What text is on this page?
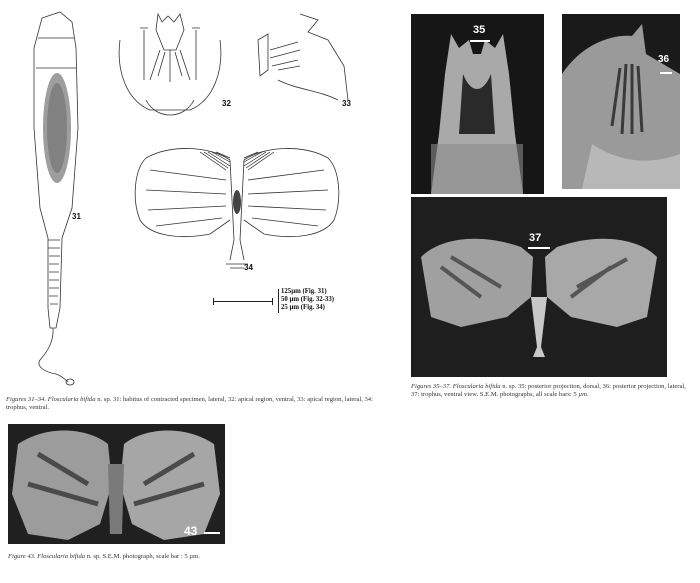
31
32	33
34
125µm (Fig. 31)
50 µm (Fig. 32-33)
25 µm (Fig. 34)
Figures 31–34. Floscularia bifida n. sp. 31: habitus of contracted specimen, lateral, 32: apical region, ventral, 33: apical region, lateral, 34: trophus, ventral.
35
36
37
Figures 35–37. Floscularia bifida n. sp. 35: posterior projection, dorsal, 36: posterior projection, lateral, 37: trophus, ventral view. S.E.M. photographs, all scale bars: 5 µm.
43
Figure 43. Floscularia bifida n. sp. S.E.M. photograph, scale bar : 5 µm.
